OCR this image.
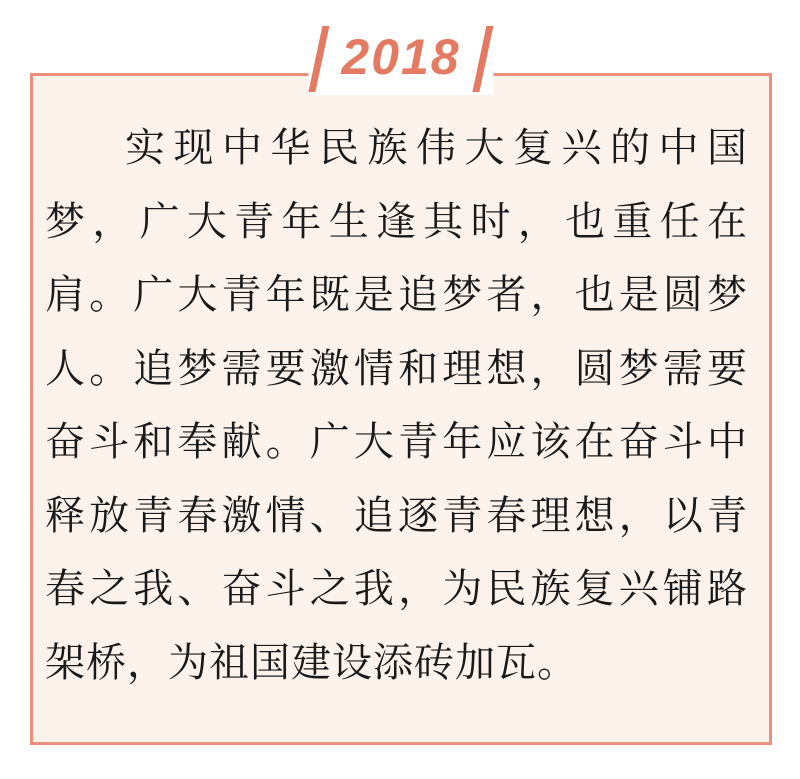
2018
实现中华民族伟大复兴的中国
梦，广大青年生逢其时，也重任在
肩。广大青年既是追梦者，也是圆梦
人。追梦需要激情和理想，圆梦需要
奋斗和奉献。广大青年应该在奋斗中
释放青春激情、追逐青春理想，以青
春之我、奋斗之我，为民族复兴铺路
架桥，为祖国建设添砖加瓦。
